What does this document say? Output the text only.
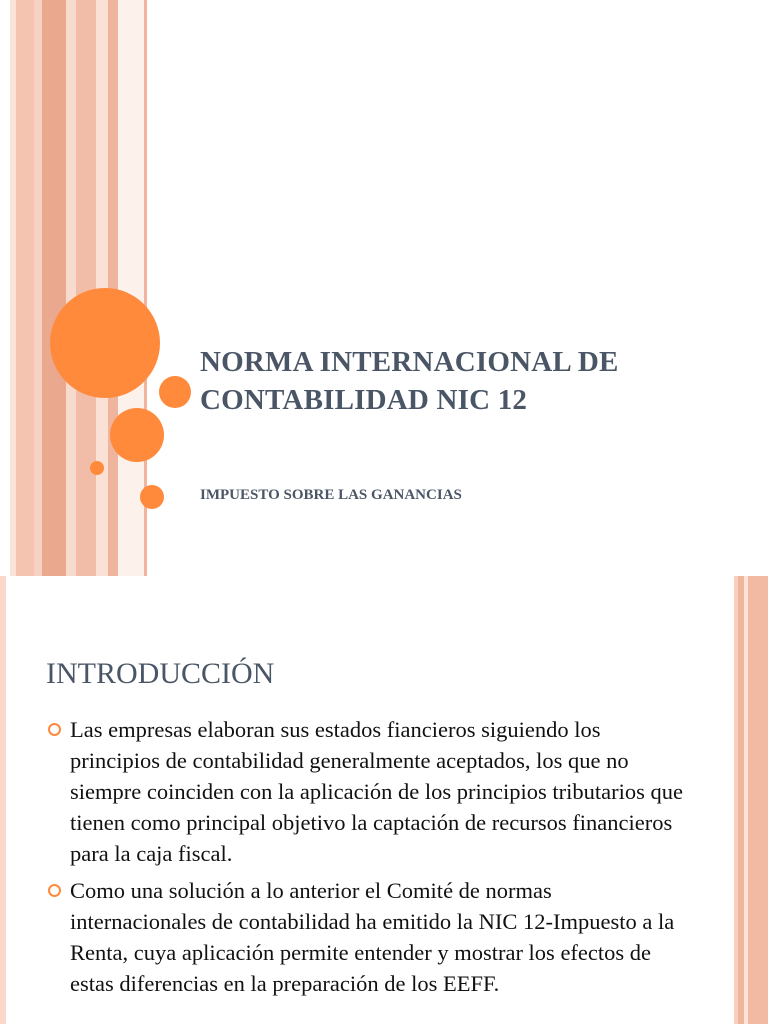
NORMA INTERNACIONAL DE
CONTABILIDAD NIC 12
IMPUESTO SOBRE LAS GANANCIAS
INTRODUCCIÓN
Las empresas elaboran sus estados fiancieros siguiendo los principios de contabilidad generalmente aceptados, los que no siempre coinciden con la aplicación de los principios tributarios que tienen como principal objetivo la captación de recursos financieros para la caja fiscal.
Como una solución a lo anterior el Comité de normas internacionales de contabilidad ha emitido la NIC 12-Impuesto a la Renta, cuya aplicación permite entender y mostrar los efectos de estas diferencias en la preparación de los EEFF.
